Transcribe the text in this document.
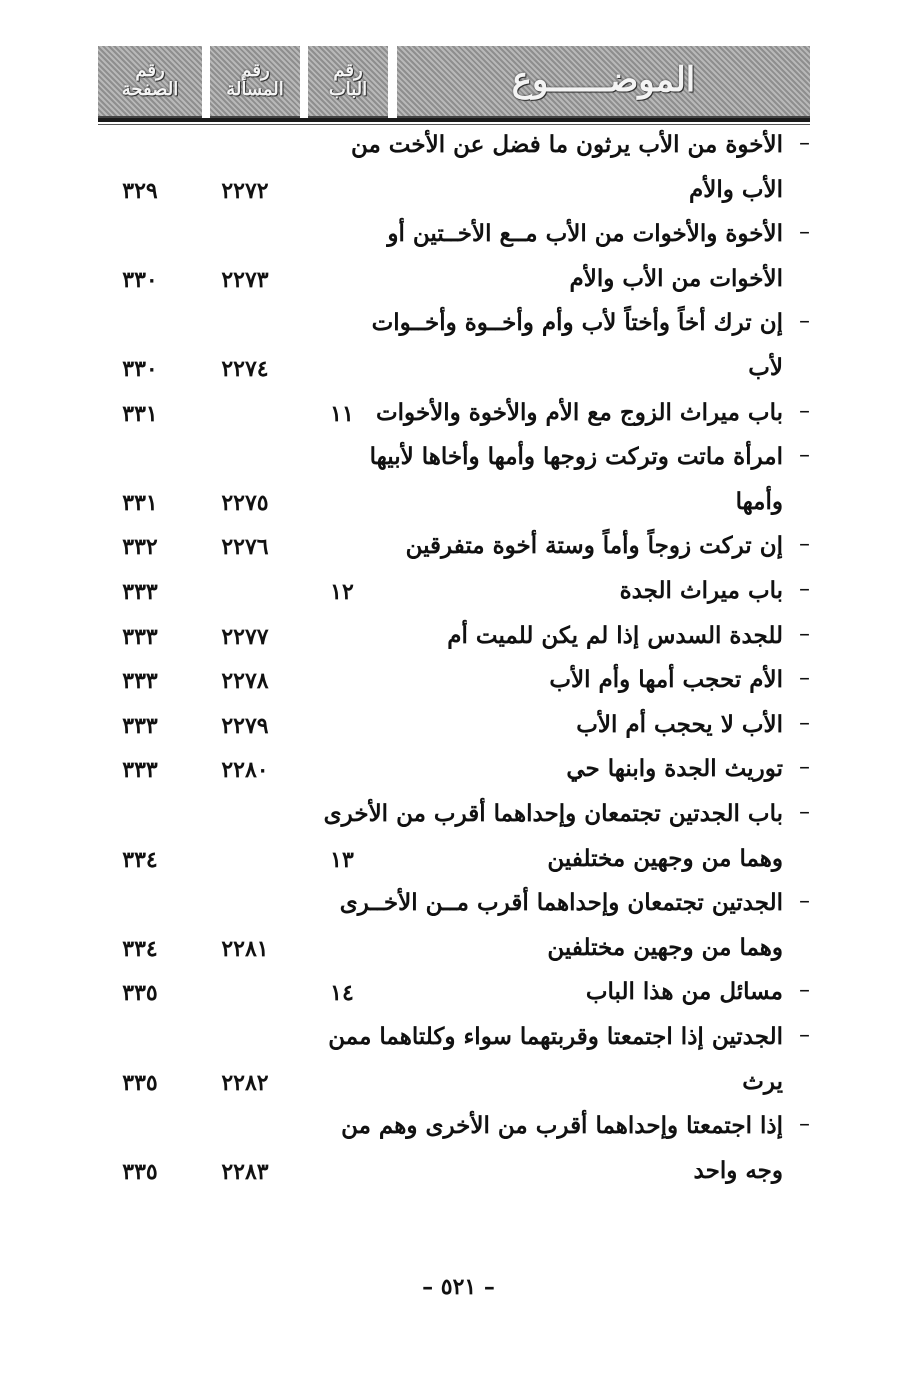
الموضــــــوع
رقم
الباب
رقم
المسألة
رقم
الصفحة
–
الأخوة من الأب يرثون ما فضل عن الأخت من
الأب والأم
٢٢٧٢
٣٢٩
–
الأخوة والأخوات من الأب مــع الأخــتين أو
الأخوات من الأب والأم
٢٢٧٣
٣٣٠
–
إن ترك أخاً وأختاً لأب وأم وأخــوة وأخــوات
لأب
٢٢٧٤
٣٣٠
–
باب ميراث الزوج مع الأم والأخوة والأخوات
١١
٣٣١
–
امرأة ماتت وتركت زوجها وأمها وأخاها لأبيها
وأمها
٢٢٧٥
٣٣١
–
إن تركت زوجاً وأماً وستة أخوة متفرقين
٢٢٧٦
٣٣٢
–
باب ميراث الجدة
١٢
٣٣٣
–
للجدة السدس إذا لم يكن للميت أم
٢٢٧٧
٣٣٣
–
الأم تحجب أمها وأم الأب
٢٢٧٨
٣٣٣
–
الأب لا يحجب أم الأب
٢٢٧٩
٣٣٣
–
توريث الجدة وابنها حي
٢٢٨٠
٣٣٣
–
باب الجدتين تجتمعان وإحداهما أقرب من الأخرى
وهما من وجهين مختلفين
١٣
٣٣٤
–
الجدتين تجتمعان وإحداهما أقرب مــن الأخــرى
وهما من وجهين مختلفين
٢٢٨١
٣٣٤
–
مسائل من هذا الباب
١٤
٣٣٥
–
الجدتين إذا اجتمعتا وقربتهما سواء وكلتاهما ممن
يرث
٢٢٨٢
٣٣٥
–
إذا اجتمعتا وإحداهما أقرب من الأخرى وهم من
وجه واحد
٢٢٨٣
٣٣٥
– ٥٢١ –
